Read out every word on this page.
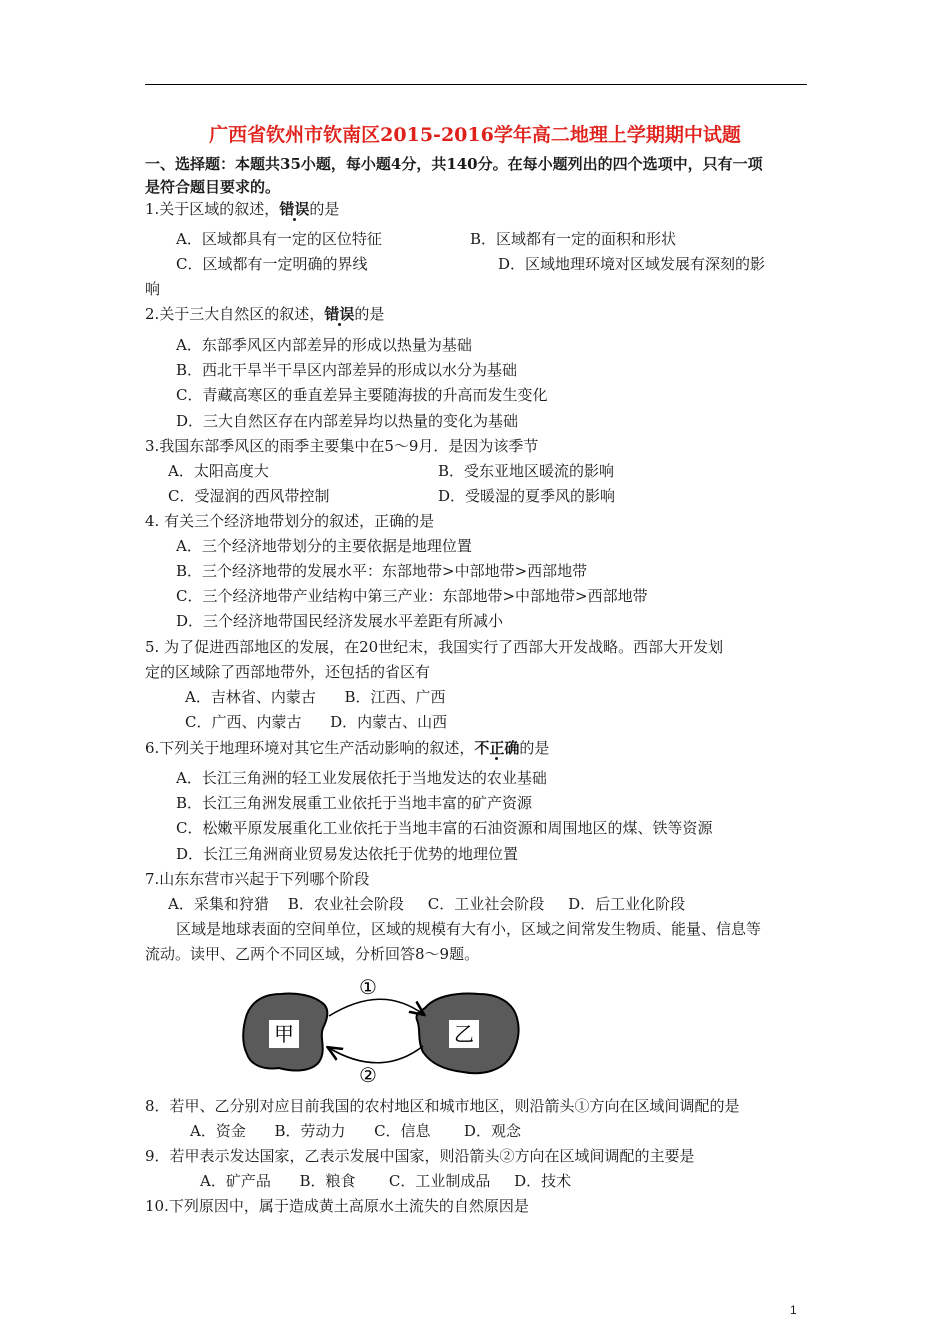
广西省钦州市钦南区2015-2016学年高二地理上学期期中试题
一、选择题：本题共35小题，每小题4分，共140分。在每小题列出的四个选项中，只有一项
是符合题目要求的。
1.关于区域的叙述，错误的是
A．区域都具有一定的区位特征	B．区域都有一定的面积和形状
C．区域都有一定明确的界线	D．区域地理环境对区域发展有深刻的影
响
2.关于三大自然区的叙述，错误的是
A．东部季风区内部差异的形成以热量为基础
B．西北干旱半干旱区内部差异的形成以水分为基础
C．青藏高寒区的垂直差异主要随海拔的升高而发生变化
D．三大自然区存在内部差异均以热量的变化为基础
3.我国东部季风区的雨季主要集中在5～9月．是因为该季节
A．太阳高度大	B．受东亚地区暖流的影响
C．受湿润的西风带控制	D．受暖湿的夏季风的影响
4. 有关三个经济地带划分的叙述，正确的是
A．三个经济地带划分的主要依据是地理位置
B．三个经济地带的发展水平：东部地带>中部地带>西部地带
C．三个经济地带产业结构中第三产业：东部地带>中部地带>西部地带
D．三个经济地带国民经济发展水平差距有所减小
5. 为了促进西部地区的发展，在20世纪末，我国实行了西部大开发战略。西部大开发划
定的区域除了西部地带外，还包括的省区有
A．吉林省、内蒙古      B．江西、广西
C．广西、内蒙古      D．内蒙古、山西
6.下列关于地理环境对其它生产活动影响的叙述，不正确的是
A．长江三角洲的轻工业发展依托于当地发达的农业基础
B．长江三角洲发展重工业依托于当地丰富的矿产资源
C．松嫩平原发展重化工业依托于当地丰富的石油资源和周围地区的煤、铁等资源
D．长江三角洲商业贸易发达依托于优势的地理位置
7.山东东营市兴起于下列哪个阶段
A．采集和狩猎    B．农业社会阶段     C．工业社会阶段     D．后工业化阶段
区域是地球表面的空间单位，区域的规模有大有小，区域之间常发生物质、能量、信息等
流动。读甲、乙两个不同区域，分析回答8～9题。
甲	乙
①
②
8．若甲、乙分别对应目前我国的农村地区和城市地区，则沿箭头①方向在区域间调配的是
A．资金      B．劳动力      C．信息       D．观念
9．若甲表示发达国家，乙表示发展中国家，则沿箭头②方向在区域间调配的主要是
A．矿产品      B．粮食       C．工业制成品     D．技术
10.下列原因中，属于造成黄土高原水土流失的自然原因是
1
